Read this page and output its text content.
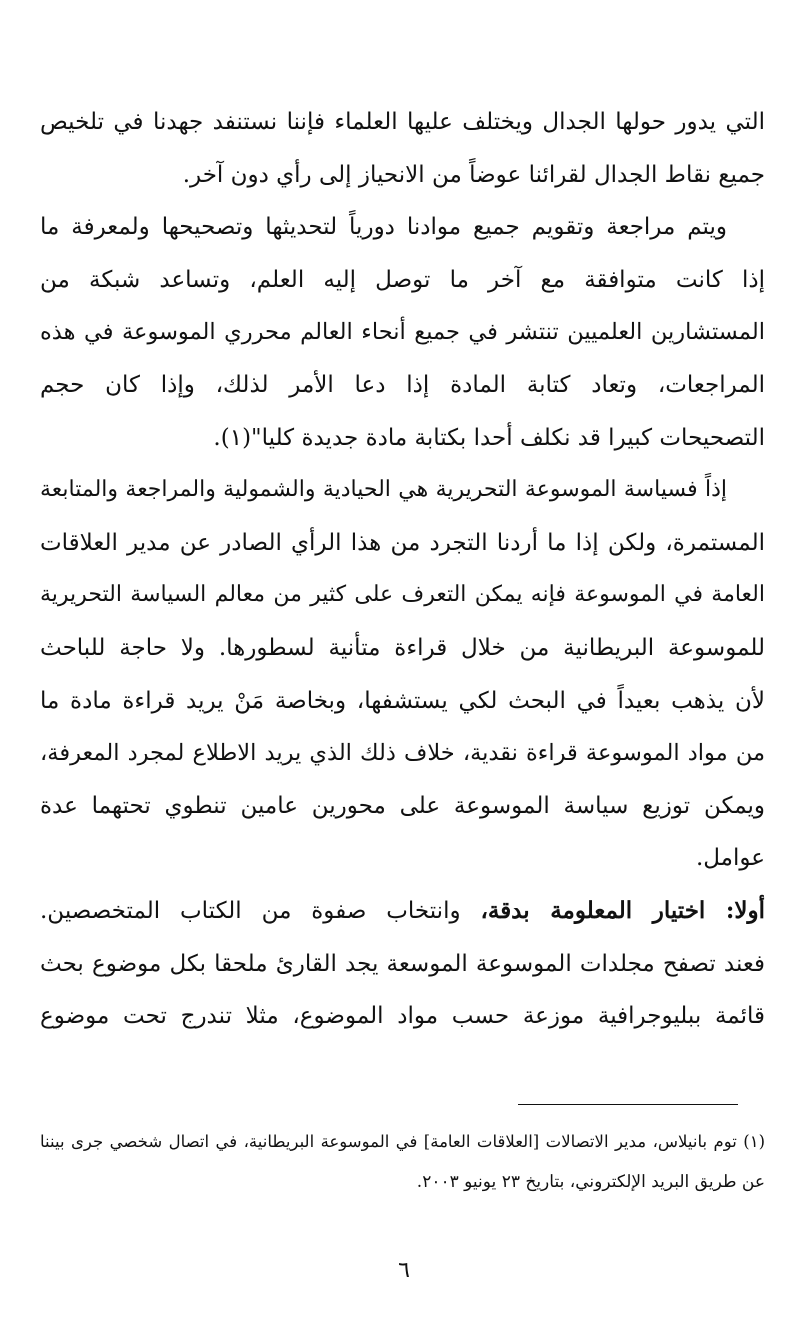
التي يدور حولها الجدال ويختلف عليها العلماء فإننا نستنفد جهدنا في تلخيص
جميع نقاط الجدال لقرائنا عوضاً من الانحياز إلى رأي دون آخر.
ويتم مراجعة وتقويم جميع موادنا دورياً لتحديثها وتصحيحها ولمعرفة ما
إذا كانت متوافقة مع آخر ما توصل إليه العلم، وتساعد شبكة من
المستشارين العلميين تنتشر في جميع أنحاء العالم محرري الموسوعة في هذه
المراجعات، وتعاد كتابة المادة إذا دعا الأمر لذلك، وإذا كان حجم
التصحيحات كبيرا قد نكلف أحدا بكتابة مادة جديدة كليا"(١).
إذاً فسياسة الموسوعة التحريرية هي الحيادية والشمولية والمراجعة والمتابعة
المستمرة، ولكن إذا ما أردنا التجرد من هذا الرأي الصادر عن مدير العلاقات
العامة في الموسوعة فإنه يمكن التعرف على كثير من معالم السياسة التحريرية
للموسوعة البريطانية من خلال قراءة متأنية لسطورها. ولا حاجة للباحث
لأن يذهب بعيداً في البحث لكي يستشفها، وبخاصة مَنْ يريد قراءة مادة ما
من مواد الموسوعة قراءة نقدية، خلاف ذلك الذي يريد الاطلاع لمجرد المعرفة،
ويمكن توزيع سياسة الموسوعة على محورين عامين تنطوي تحتهما عدة
عوامل.
أولا: اختيار المعلومة بدقة، وانتخاب صفوة من الكتاب المتخصصين.
فعند تصفح مجلدات الموسوعة الموسعة يجد القارئ ملحقا بكل موضوع بحث
قائمة ببليوجرافية موزعة حسب مواد الموضوع، مثلا تندرج تحت موضوع
(١) توم بانيلاس، مدير الاتصالات [العلاقات العامة] في الموسوعة البريطانية، في اتصال شخصي جرى بيننا
عن طريق البريد الإلكتروني، بتاريخ ٢٣ يونيو ٢٠٠٣.
٦
